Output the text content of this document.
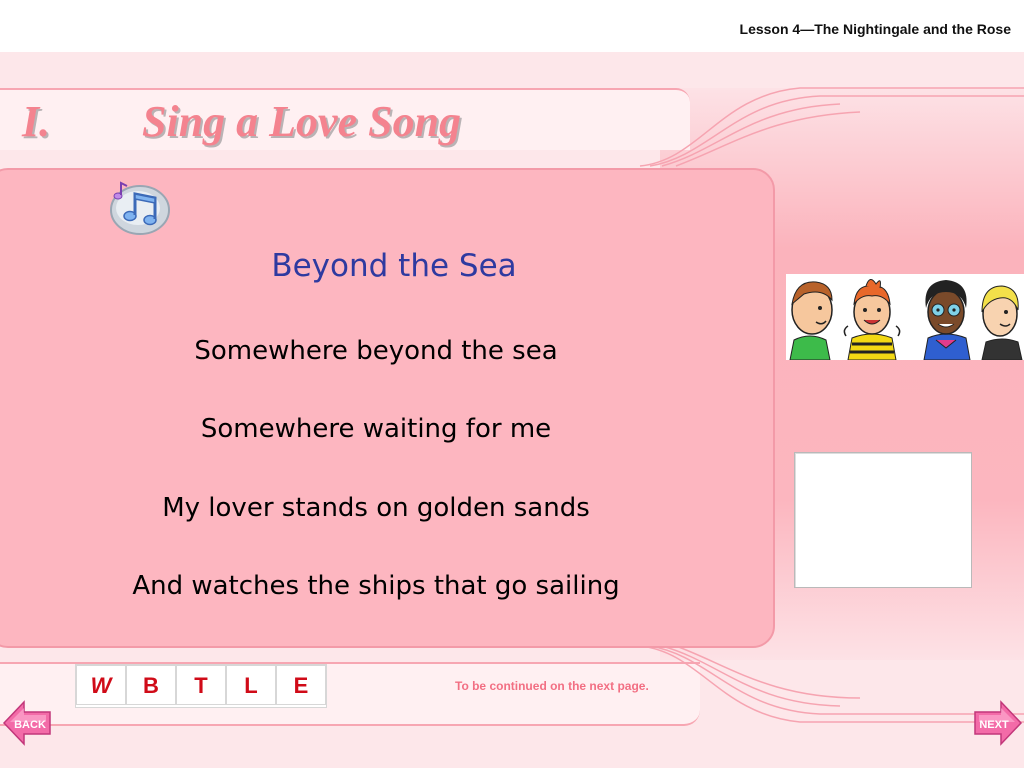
Lesson 4—The Nightingale and the Rose
I. Sing a Love Song
Beyond the Sea
Somewhere beyond the sea
Somewhere waiting for me
My lover stands on golden sands
And watches the ships that go sailing
W	B	T	L	E	To be continued on the next page.
BACK	NEXT
